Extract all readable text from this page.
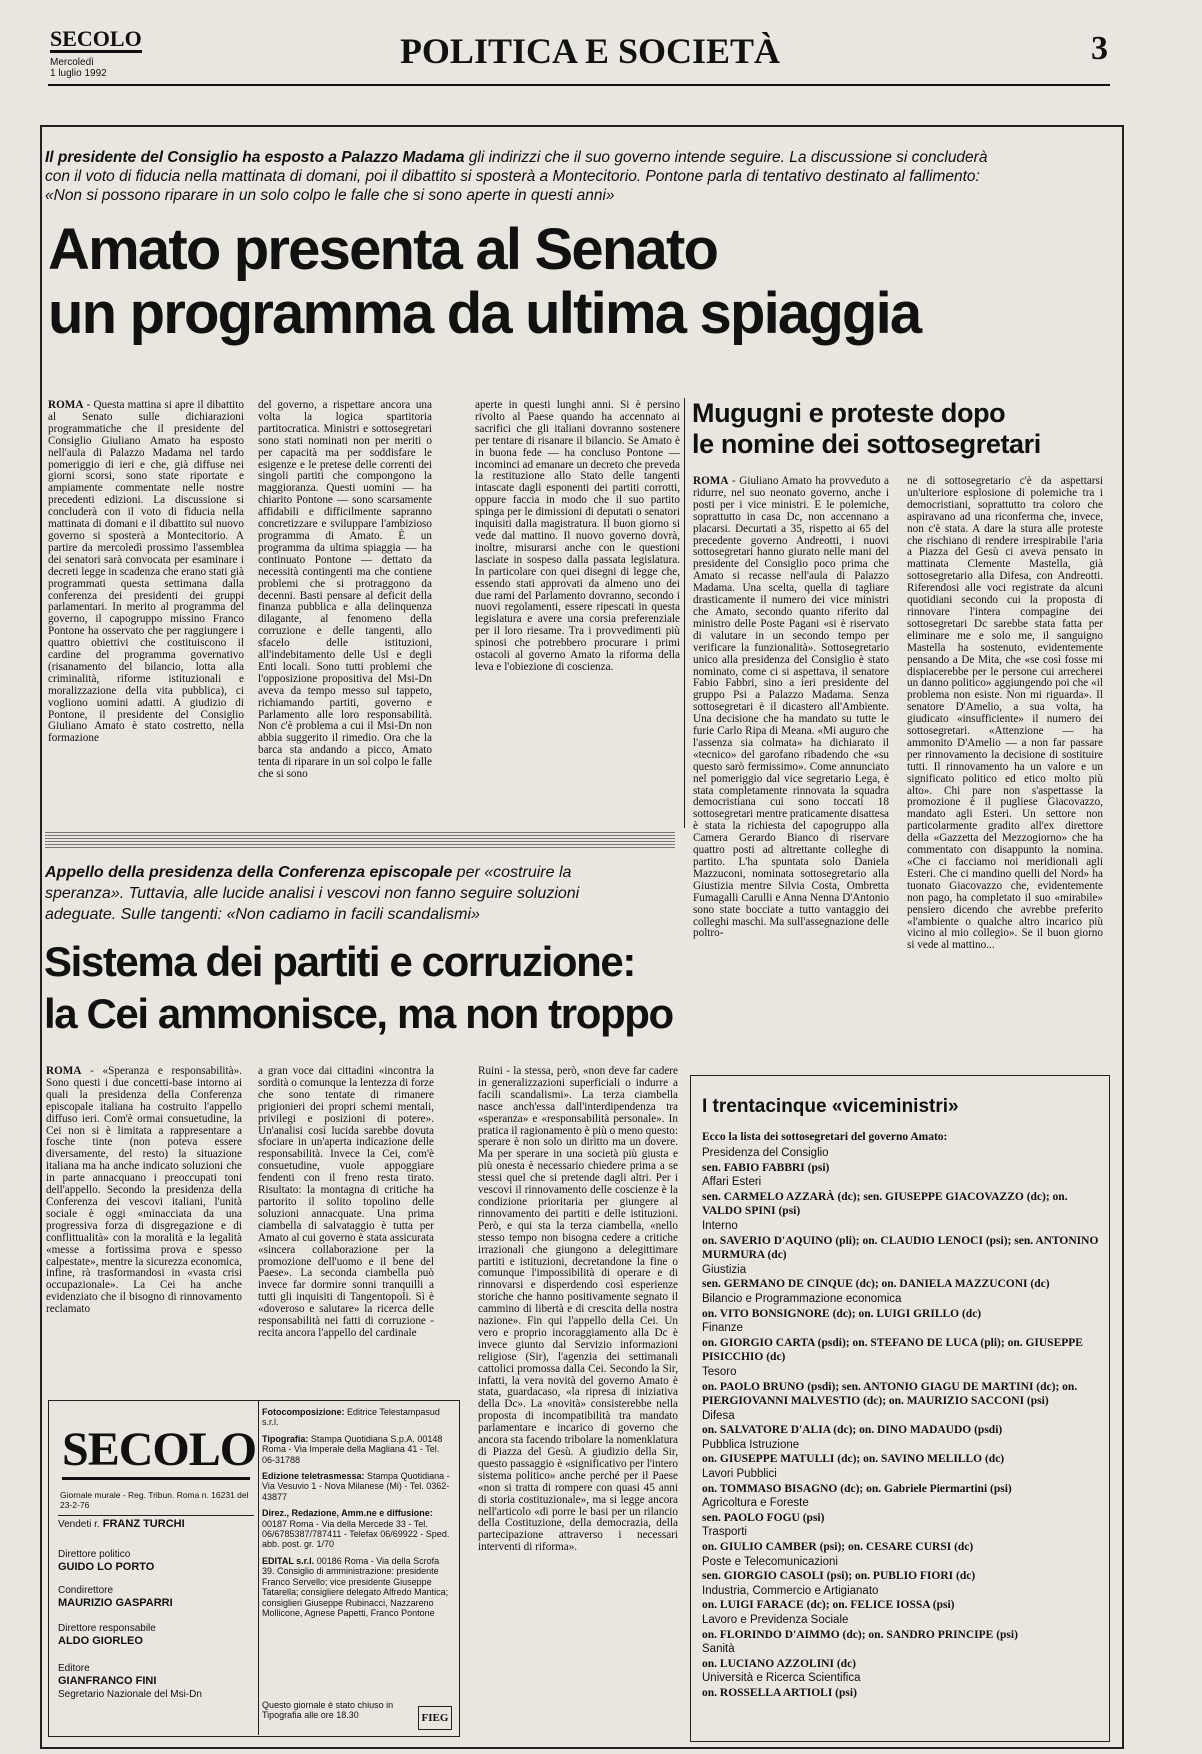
SECOLO
Mercoledì
1 luglio 1992
POLITICA E SOCIETÀ	3
Il presidente del Consiglio ha esposto a Palazzo Madama gli indirizzi che il suo governo intende seguire. La discussione si concluderà con il voto di fiducia nella mattinata di domani, poi il dibattito si sposterà a Montecitorio. Pontone parla di tentativo destinato al fallimento: «Non si possono riparare in un solo colpo le falle che si sono aperte in questi anni»
Amato presenta al Senato
un programma da ultima spiaggia
ROMA - Questa mattina si apre il dibattito al Senato sulle dichiarazioni programmatiche che il presidente del Consiglio Giuliano Amato ha esposto nell'aula di Palazzo Madama nel tardo pomeriggio di ieri e che, già diffuse nei giorni scorsi, sono state riportate e ampiamente commentate nelle nostre precedenti edizioni. La discussione si concluderà con il voto di fiducia nella mattinata di domani e il dibattito sul nuovo governo si sposterà a Montecitorio. A partire da mercoledì prossimo l'assemblea dei senatori sarà convocata per esaminare i decreti legge in scadenza che erano stati già programmati questa settimana dalla conferenza dei presidenti dei gruppi parlamentari. In merito al programma del governo, il capogruppo missino Franco Pontone ha osservato che per raggiungere i quattro obiettivi che costituiscono il cardine del programma governativo (risanamento del bilancio, lotta alla criminalità, riforme istituzionali e moralizzazione della vita pubblica), ci vogliono uomini adatti. A giudizio di Pontone, il presidente del Consiglio Giuliano Amato è stato costretto, nella formazione
del governo, a rispettare ancora una volta la logica spartitoria partitocratica. Ministri e sottosegretari sono stati nominati non per meriti o per capacità ma per soddisfare le esigenze e le pretese delle correnti dei singoli partiti che compongono la maggioranza. Questi uomini — ha chiarito Pontone — sono scarsamente affidabili e difficilmente sapranno concretizzare e sviluppare l'ambizioso programma di Amato. È un programma da ultima spiaggia — ha continuato Pontone — dettato da necessità contingenti ma che contiene problemi che si protraggono da decenni. Basti pensare al deficit della finanza pubblica e alla delinquenza dilagante, al fenomeno della corruzione e delle tangenti, allo sfacelo delle istituzioni, all'indebitamento delle Usl e degli Enti locali. Sono tutti problemi che l'opposizione propositiva del Msi-Dn aveva da tempo messo sul tappeto, richiamando partiti, governo e Parlamento alle loro responsabilità. Non c'è problema a cui il Msi-Dn non abbia suggerito il rimedio. Ora che la barca sta andando a picco, Amato tenta di riparare in un sol colpo le falle che si sono
aperte in questi lunghi anni. Si è persino rivolto al Paese quando ha accennato ai sacrifici che gli italiani dovranno sostenere per tentare di risanare il bilancio. Se Amato è in buona fede — ha concluso Pontone — incominci ad emanare un decreto che preveda la restituzione allo Stato delle tangenti intascate dagli esponenti dei partiti corrotti, oppure faccia in modo che il suo partito spinga per le dimissioni di deputati o senatori inquisiti dalla magistratura. Il buon giorno si vede dal mattino. Il nuovo governo dovrà, inoltre, misurarsi anche con le questioni lasciate in sospeso dalla passata legislatura. In particolare con quei disegni di legge che, essendo stati approvati da almeno uno dei due rami del Parlamento dovranno, secondo i nuovi regolamenti, essere ripescati in questa legislatura e avere una corsia preferenziale per il loro riesame. Tra i provvedimenti più spinosi che potrebbero procurare i primi ostacoli al governo Amato la riforma della leva e l'obiezione di coscienza.
Mugugni e proteste dopo
le nomine dei sottosegretari
ROMA - Giuliano Amato ha provveduto a ridurre, nel suo neonato governo, anche i posti per i vice ministri. E le polemiche, soprattutto in casa Dc, non accennano a placarsi. Decurtati a 35, rispetto ai 65 del precedente governo Andreotti, i nuovi sottosegretari hanno giurato nelle mani del presidente del Consiglio poco prima che Amato si recasse nell'aula di Palazzo Madama. Una scelta, quella di tagliare drasticamente il numero dei vice ministri che Amato, secondo quanto riferito dal ministro delle Poste Pagani «si è riservato di valutare in un secondo tempo per verificare la funzionalità». Sottosegretario unico alla presidenza del Consiglio è stato nominato, come ci si aspettava, il senatore Fabio Fabbri, sino a ieri presidente del gruppo Psi a Palazzo Madama. Senza sottosegretari è il dicastero all'Ambiente. Una decisione che ha mandato su tutte le furie Carlo Ripa di Meana. «Mi auguro che l'assenza sia colmata» ha dichiarato il «tecnico» del garofano ribadendo che «su questo sarò fermissimo». Come annunciato nel pomeriggio dal vice segretario Lega, è stata completamente rinnovata la squadra democristiana cui sono toccati 18 sottosegretari mentre praticamente disattesa è stata la richiesta del capogruppo alla Camera Gerardo Bianco di riservare quattro posti ad altrettante colleghe di partito. L'ha spuntata solo Daniela Mazzuconi, nominata sottosegretario alla Giustizia mentre Silvia Costa, Ombretta Fumagalli Carulli e Anna Nenna D'Antonio sono state bocciate a tutto vantaggio dei colleghi maschi. Ma sull'assegnazione delle poltro-
ne di sottosegretario c'è da aspettarsi un'ulteriore esplosione di polemiche tra i democristiani, soprattutto tra coloro che aspiravano ad una riconferma che, invece, non c'è stata. A dare la stura alle proteste che rischiano di rendere irrespirabile l'aria a Piazza del Gesù ci aveva pensato in mattinata Clemente Mastella, già sottosegretario alla Difesa, con Andreotti. Riferendosi alle voci registrate da alcuni quotidiani secondo cui la proposta di rinnovare l'intera compagine dei sottosegretari Dc sarebbe stata fatta per eliminare me e solo me, il sanguigno Mastella ha sostenuto, evidentemente pensando a De Mita, che «se così fosse mi dispiacerebbe per le persone cui arrecherei un danno politico» aggiungendo poi che «il problema non esiste. Non mi riguarda». Il senatore D'Amelio, a sua volta, ha giudicato «insufficiente» il numero dei sottosegretari. «Attenzione — ha ammonito D'Amelio — a non far passare per rinnovamento la decisione di sostituire tutti. Il rinnovamento ha un valore e un significato politico ed etico molto più alto». Chi pare non s'aspettasse la promozione è il pugliese Giacovazzo, mandato agli Esteri. Un settore non particolarmente gradito all'ex direttore della «Gazzetta del Mezzogiorno» che ha commentato con disappunto la nomina. «Che ci facciamo noi meridionali agli Esteri. Che ci mandino quelli del Nord» ha tuonato Giacovazzo che, evidentemente non pago, ha completato il suo «mirabile» pensiero dicendo che avrebbe preferito «l'ambiente o qualche altro incarico più vicino al mio collegio». Se il buon giorno si vede al mattino...
Appello della presidenza della Conferenza episcopale per «costruire la speranza». Tuttavia, alle lucide analisi i vescovi non fanno seguire soluzioni adeguate. Sulle tangenti: «Non cadiamo in facili scandalismi»
Sistema dei partiti e corruzione:
la Cei ammonisce, ma non troppo
ROMA - «Speranza e responsabilità». Sono questi i due concetti-base intorno ai quali la presidenza della Conferenza episcopale italiana ha costruito l'appello diffuso ieri. Com'è ormai consuetudine, la Cei non si è limitata a rappresentare a fosche tinte (non poteva essere diversamente, del resto) la situazione italiana ma ha anche indicato soluzioni che in parte annacquano i preoccupati toni dell'appello. Secondo la presidenza della Conferenza dei vescovi italiani, l'unità sociale è oggi «minacciata da una progressiva forza di disgregazione e di conflittualità» con la moralità e la legalità «messe a fortissima prova e spesso calpestate», mentre la sicurezza economica, infine, rà trasformandosi in «vasta crisi occupazionale». La Cei ha anche evidenziato che il bisogno di rinnovamento reclamato
a gran voce dai cittadini «incontra la sordità o comunque la lentezza di forze che sono tentate di rimanere prigionieri dei propri schemi mentali, privilegi e posizioni di potere». Un'analisi così lucida sarebbe dovuta sfociare in un'aperta indicazione delle responsabilità. Invece la Cei, com'è consuetudine, vuole appoggiare fendenti con il freno resta tirato. Risultato: la montagna di critiche ha partorito il solito topolino delle soluzioni annacquate. Una prima ciambella di salvataggio è tutta per Amato al cui governo è stata assicurata «sincera collaborazione per la promozione dell'uomo e il bene del Paese». La seconda ciambella può invece far dormire sonni tranquilli a tutti gli inquisiti di Tangentopoli. Sì è «doveroso e salutare» la ricerca delle responsabilità nei fatti di corruzione - recita ancora l'appello del cardinale
Ruini - la stessa, però, «non deve far cadere in generalizzazioni superficiali o indurre a facili scandalismi». La terza ciambella nasce anch'essa dall'interdipendenza tra «speranza» e «responsabilità personale». In pratica il ragionamento è più o meno questo: sperare è non solo un diritto ma un dovere. Ma per sperare in una società più giusta e più onesta è necessario chiedere prima a se stessi quel che si pretende dagli altri. Per i vescovi il rinnovamento delle coscienze è la condizione prioritaria per giungere al rinnovamento dei partiti e delle istituzioni. Però, e qui sta la terza ciambella, «nello stesso tempo non bisogna cedere a critiche irrazionali che giungono a delegittimare partiti e istituzioni, decretandone la fine o comunque l'impossibilità di operare e di rinnovarsi e disperdendo così esperienze storiche che hanno positivamente segnato il cammino di libertà e di crescita della nostra nazione». Fin qui l'appello della Cei. Un vero e proprio incoraggiamento alla Dc è invece giunto dal Servizio informazioni religiose (Sir), l'agenzia dei settimanali cattolici promossa dalla Cei. Secondo la Sir, infatti, la vera novità del governo Amato è stata, guardacaso, «la ripresa di iniziativa della Dc». La «novità» consisterebbe nella proposta di incompatibilità tra mandato parlamentare e incarico di governo che ancora sta facendo tribolare la nomenklatura di Piazza del Gesù. A giudizio della Sir, questo passaggio è «significativo per l'intero sistema politico» anche perché per il Paese «non si tratta di rompere con quasi 45 anni di storia costituzionale», ma si legge ancora nell'articolo «di porre le basi per un rilancio della Costituzione, della democrazia, della partecipazione attraverso i necessari interventi di riforma».
I trentacinque «viceministri»
Ecco la lista dei sottosegretari del governo Amato:
Presidenza del Consiglio
sen. FABIO FABBRI (psi)
Affari Esteri
sen. CARMELO AZZARÀ (dc); sen. GIUSEPPE GIACOVAZZO (dc); on. VALDO SPINI (psi)
Interno
on. SAVERIO D'AQUINO (pli); on. CLAUDIO LENOCI (psi); sen. ANTONINO MURMURA (dc)
Giustizia
sen. GERMANO DE CINQUE (dc); on. DANIELA MAZZUCONI (dc)
Bilancio e Programmazione economica
on. VITO BONSIGNORE (dc); on. LUIGI GRILLO (dc)
Finanze
on. GIORGIO CARTA (psdi); on. STEFANO DE LUCA (pli); on. GIUSEPPE PISICCHIO (dc)
Tesoro
on. PAOLO BRUNO (psdi); sen. ANTONIO GIAGU DE MARTINI (dc); on. PIERGIOVANNI MALVESTIO (dc); on. MAURIZIO SACCONI (psi)
Difesa
on. SALVATORE D'ALIA (dc); on. DINO MADAUDO (psdi)
Pubblica Istruzione
on. GIUSEPPE MATULLI (dc); on. SAVINO MELILLO (dc)
Lavori Pubblici
on. TOMMASO BISAGNO (dc); on. Gabriele Piermartini (psi)
Agricoltura e Foreste
sen. PAOLO FOGU (psi)
Trasporti
on. GIULIO CAMBER (psi); on. CESARE CURSI (dc)
Poste e Telecomunicazioni
sen. GIORGIO CASOLI (psi); on. PUBLIO FIORI (dc)
Industria, Commercio e Artigianato
on. LUIGI FARACE (dc); on. FELICE IOSSA (psi)
Lavoro e Previdenza Sociale
on. FLORINDO D'AIMMO (dc); on. SANDRO PRINCIPE (psi)
Sanità
on. LUCIANO AZZOLINI (dc)
Università e Ricerca Scientifica
on. ROSSELLA ARTIOLI (psi)
SECOLO
Giornale murale - Reg. Tribun. Roma n. 16231 del 23-2-76
Vendeti r. FRANZ TURCHI
Direttore politico
GUIDO LO PORTO
Condirettore
MAURIZIO GASPARRI
Direttore responsabile
ALDO GIORLEO
Editore
GIANFRANCO FINI
Segretario Nazionale del Msi-Dn
Fotocomposizione: Editrice Telestampasud s.r.l.
Tipografia: Stampa Quotidiana S.p.A. 00148 Roma - Via Imperale della Magliana 41 - Tel. 06-31788
Edizione teletrasmessa: Stampa Quotidiana - Via Vesuvio 1 - Nova Milanese (Mi) - Tel. 0362-43877
Direz., Redazione, Amm.ne e diffusione: 00187 Roma - Via della Mercede 33 - Tel. 06/6785387/787411 - Telefax 06/69922 - Sped. abb. post. gr. 1/70
EDITAL s.r.l. 00186 Roma - Via della Scrofa 39. Consiglio di amministrazione: presidente Franco Servello; vice presidente Giuseppe Tatarella; consigliere delegato Alfredo Mantica; consiglieri Giuseppe Rubinacci, Nazzareno Mollicone, Agnese Papetti, Franco Pontone
Questo giornale è stato chiuso in Tipografia alle ore 18.30	FIEG
